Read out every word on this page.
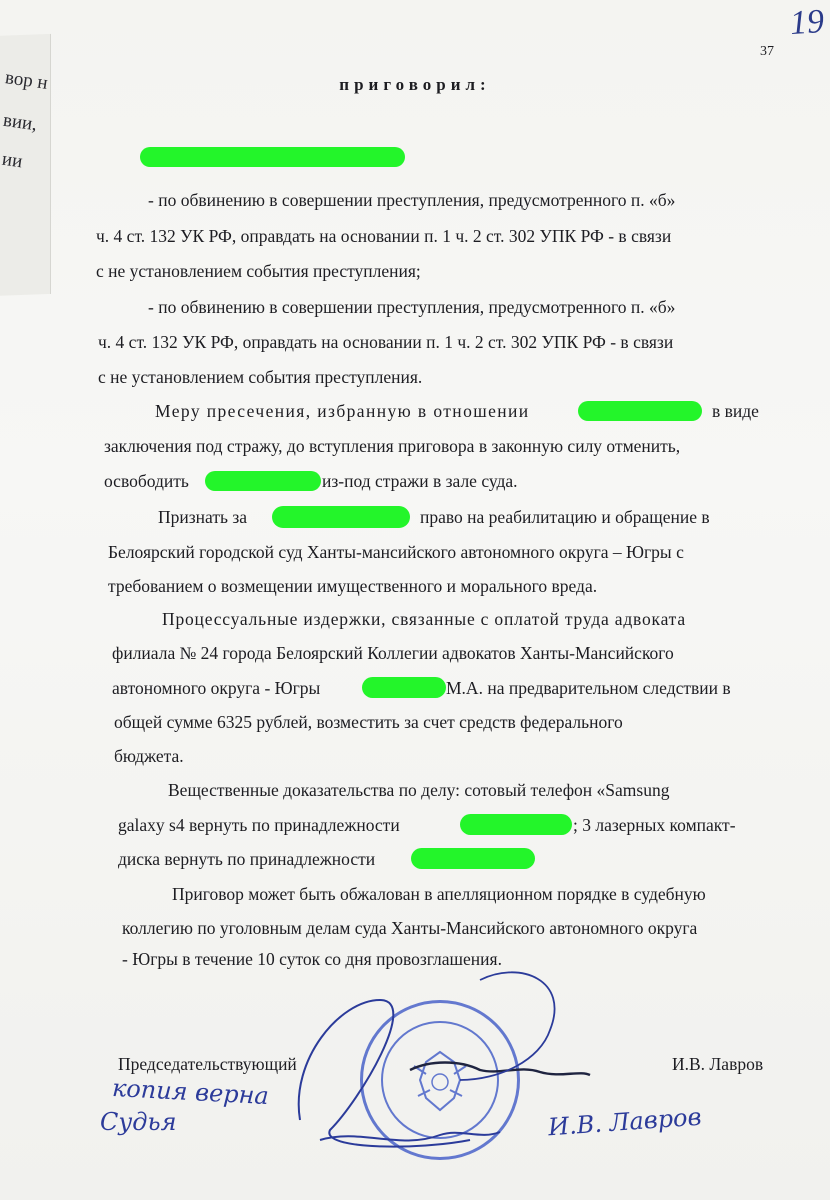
вор н
вии,
ии
37
19
приговорил:
- по обвинению в совершении преступления, предусмотренного п. «б»
ч. 4 ст. 132 УК РФ, оправдать на основании п. 1 ч. 2 ст. 302 УПК РФ - в связи
с не установлением события преступления;
- по обвинению в совершении преступления, предусмотренного п. «б»
ч. 4 ст. 132 УК РФ, оправдать на основании п. 1 ч. 2 ст. 302 УПК РФ - в связи
с не установлением события преступления.
Меру пресечения, избранную в отношении	в виде
заключения под стражу, до вступления приговора в законную силу отменить,
освободить	из-под стражи в зале суда.
Признать за	право на реабилитацию и обращение в
Белоярский городской суд Ханты-мансийского автономного округа – Югры с
требованием о возмещении имущественного и морального вреда.
Процессуальные издержки, связанные с оплатой труда адвоката
филиала № 24 города Белоярский Коллегии адвокатов Ханты-Мансийского
автономного округа - Югры	М.А. на предварительном следствии в
общей сумме 6325 рублей, возместить за счет средств федерального
бюджета.
Вещественные доказательства по делу: сотовый телефон «Samsung
galaxy s4 вернуть по принадлежности	; 3 лазерных компакт-
диска вернуть по принадлежности
Приговор может быть обжалован в апелляционном порядке в судебную
коллегию по уголовным делам суда Ханты-Мансийского автономного округа
- Югры в течение 10 суток со дня провозглашения.
Председательствующий	И.В. Лавров
копия верна
Судья	И.В. Лавров
